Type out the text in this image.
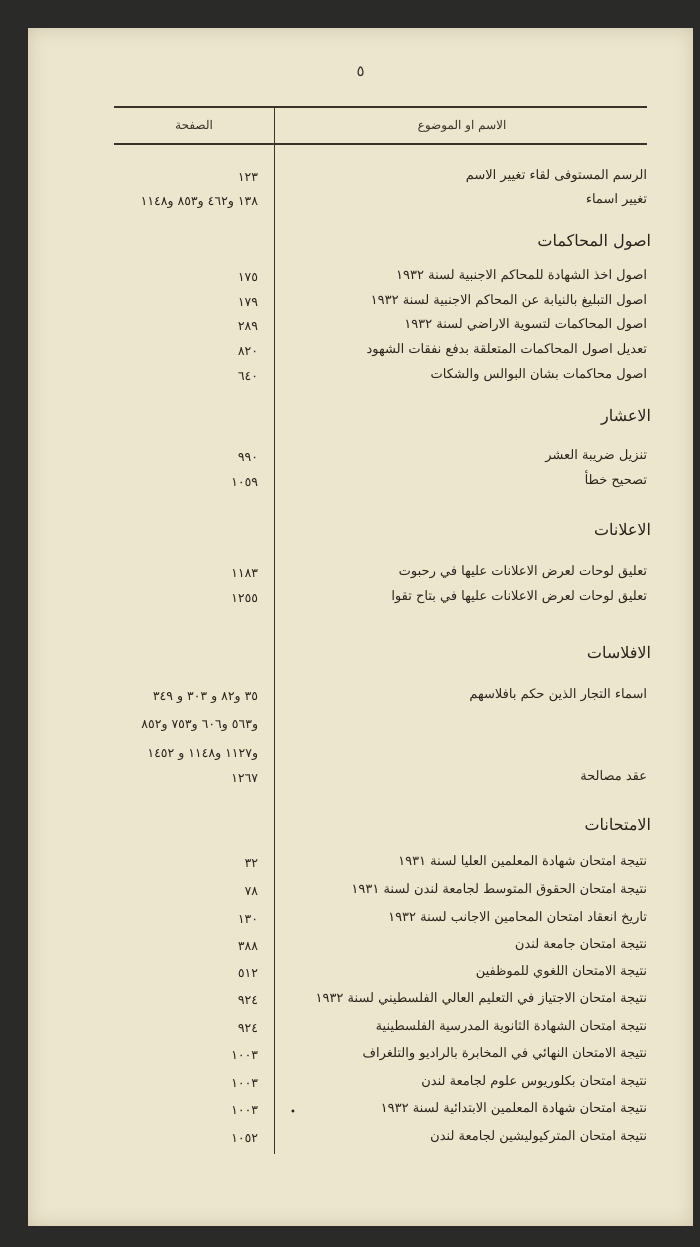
٥
الاسم او الموضوع
الصفحة
•
الرسم المستوفى لقاء تغيير الاسم
١٢٣
تغيير اسماء
١٣٨ و٤٦٢ و٨٥٣ و١١٤٨
اصول المحاكمات
اصول اخذ الشهادة للمحاكم الاجنبية لسنة ١٩٣٢
١٧٥
اصول التبليغ بالنيابة عن المحاكم الاجنبية لسنة ١٩٣٢
١٧٩
اصول المحاكمات لتسوية الاراضي لسنة ١٩٣٢
٢٨٩
تعديل اصول المحاكمات المتعلقة بدفع نفقات الشهود
٨٢٠
اصول محاكمات بشان البوالس والشكات
٦٤٠
الاعشار
تنزيل ضريبة العشر
٩٩٠
تصحيح خطأ
١٠٥٩
الاعلانات
تعليق لوحات لعرض الاعلانات عليها في رحبوت
١١٨٣
تعليق لوحات لعرض الاعلانات عليها في بتاح تقوا
١٢٥٥
الافلاسات
اسماء التجار الذين حكم بافلاسهم
٣٥ و٨٢ و ٣٠٣ و ٣٤٩
و٥٦٣ و٦٠٦ و٧٥٣ و٨٥٢
و١١٢٧ و١١٤٨ و ١٤٥٢
عقد مصالحة
١٢٦٧
الامتحانات
نتيجة امتحان شهادة المعلمين العليا لسنة ١٩٣١
٣٢
نتيجة امتحان الحقوق المتوسط لجامعة لندن لسنة ١٩٣١
٧٨
تاريخ انعقاد امتحان المحامين الاجانب لسنة ١٩٣٢
١٣٠
نتيجة امتحان جامعة لندن
٣٨٨
نتيجة الامتحان اللغوي للموظفين
٥١٢
نتيجة امتحان الاجتياز في التعليم العالي الفلسطيني لسنة ١٩٣٢
٩٢٤
نتيجة امتحان الشهادة الثانوية المدرسية الفلسطينية
٩٢٤
نتيجة الامتحان النهائي في المخابرة بالراديو والتلغراف
١٠٠٣
نتيجة امتحان بكلوريوس علوم لجامعة لندن
١٠٠٣
نتيجة امتحان شهادة المعلمين الابتدائية لسنة ١٩٣٢
١٠٠٣
نتيجة امتحان المتركيوليشين لجامعة لندن
١٠٥٢
